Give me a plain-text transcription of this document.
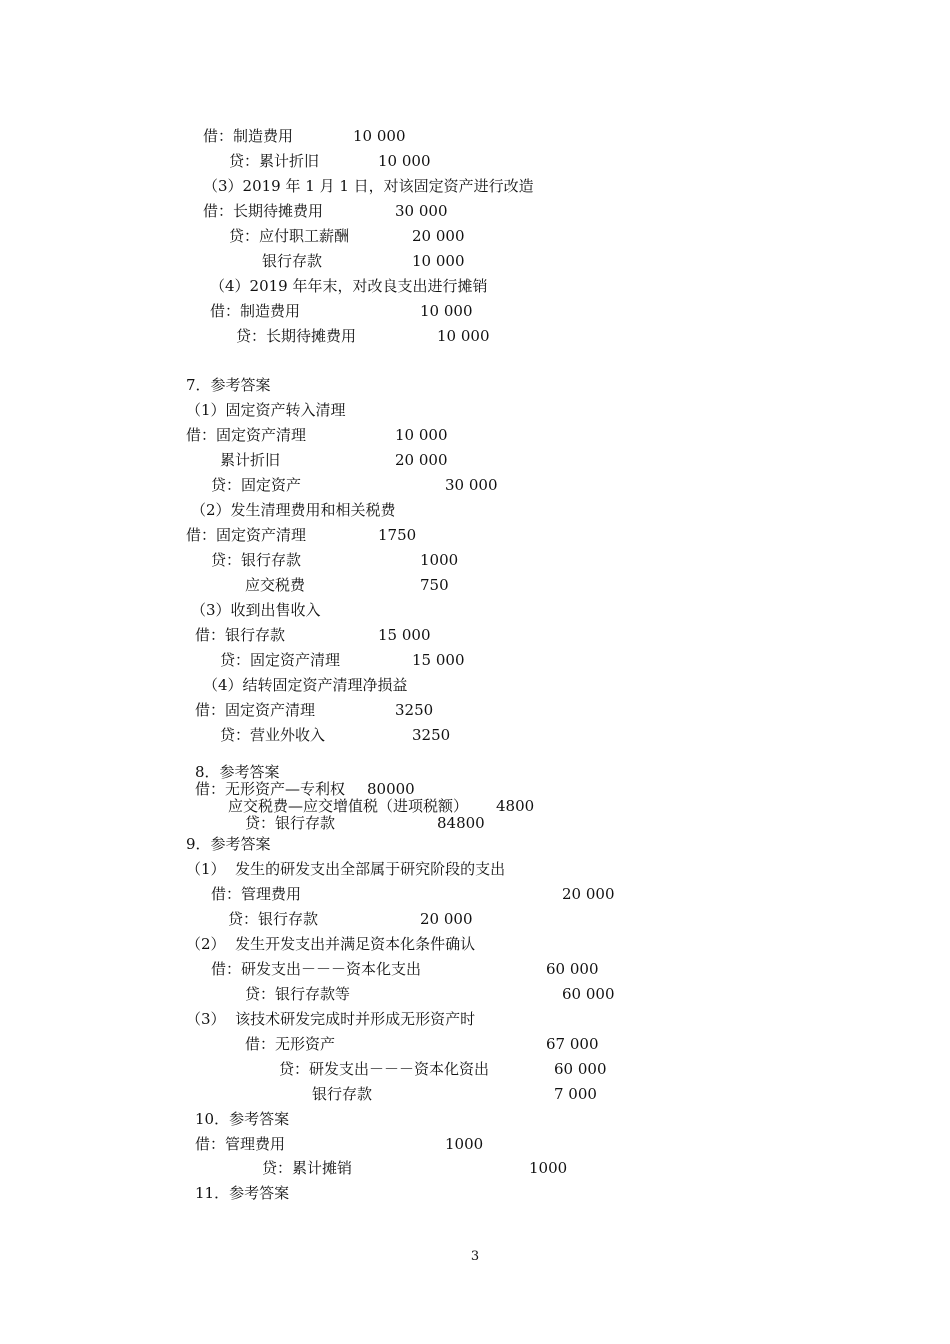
借：制造费用	10 000
贷：累计折旧	10 000
（3）2019 年 1 月 1 日，对该固定资产进行改造
借：长期待摊费用	30 000
贷：应付职工薪酬	20 000
银行存款	10 000
（4）2019 年年末，对改良支出进行摊销
借：制造费用	10 000
贷：长期待摊费用	10 000
7．参考答案
（1）固定资产转入清理
借：固定资产清理	10 000
累计折旧	20 000
贷：固定资产	30 000
（2）发生清理费用和相关税费
借：固定资产清理	1750
贷：银行存款	1000
应交税费	750
（3）收到出售收入
借：银行存款	15 000
贷：固定资产清理	15 000
（4）结转固定资产清理净损益
借：固定资产清理	3250
贷：营业外收入	3250
8．参考答案
借：无形资产—专利权 80000
应交税费—应交增值税（进项税额） 4800
贷：银行存款	84800
9．参考答案
（1）  发生的研发支出全部属于研究阶段的支出
借：管理费用	20 000
贷：银行存款	20 000
（2）  发生开发支出并满足资本化条件确认
借：研发支出－－－资本化支出	60 000
贷：银行存款等	60 000
（3）  该技术研发完成时并形成无形资产时
借：无形资产	67 000
贷：研发支出－－－资本化资出	60 000
银行存款	7 000
10．参考答案
借：管理费用	1000
贷：累计摊销	1000
11．参考答案
3
